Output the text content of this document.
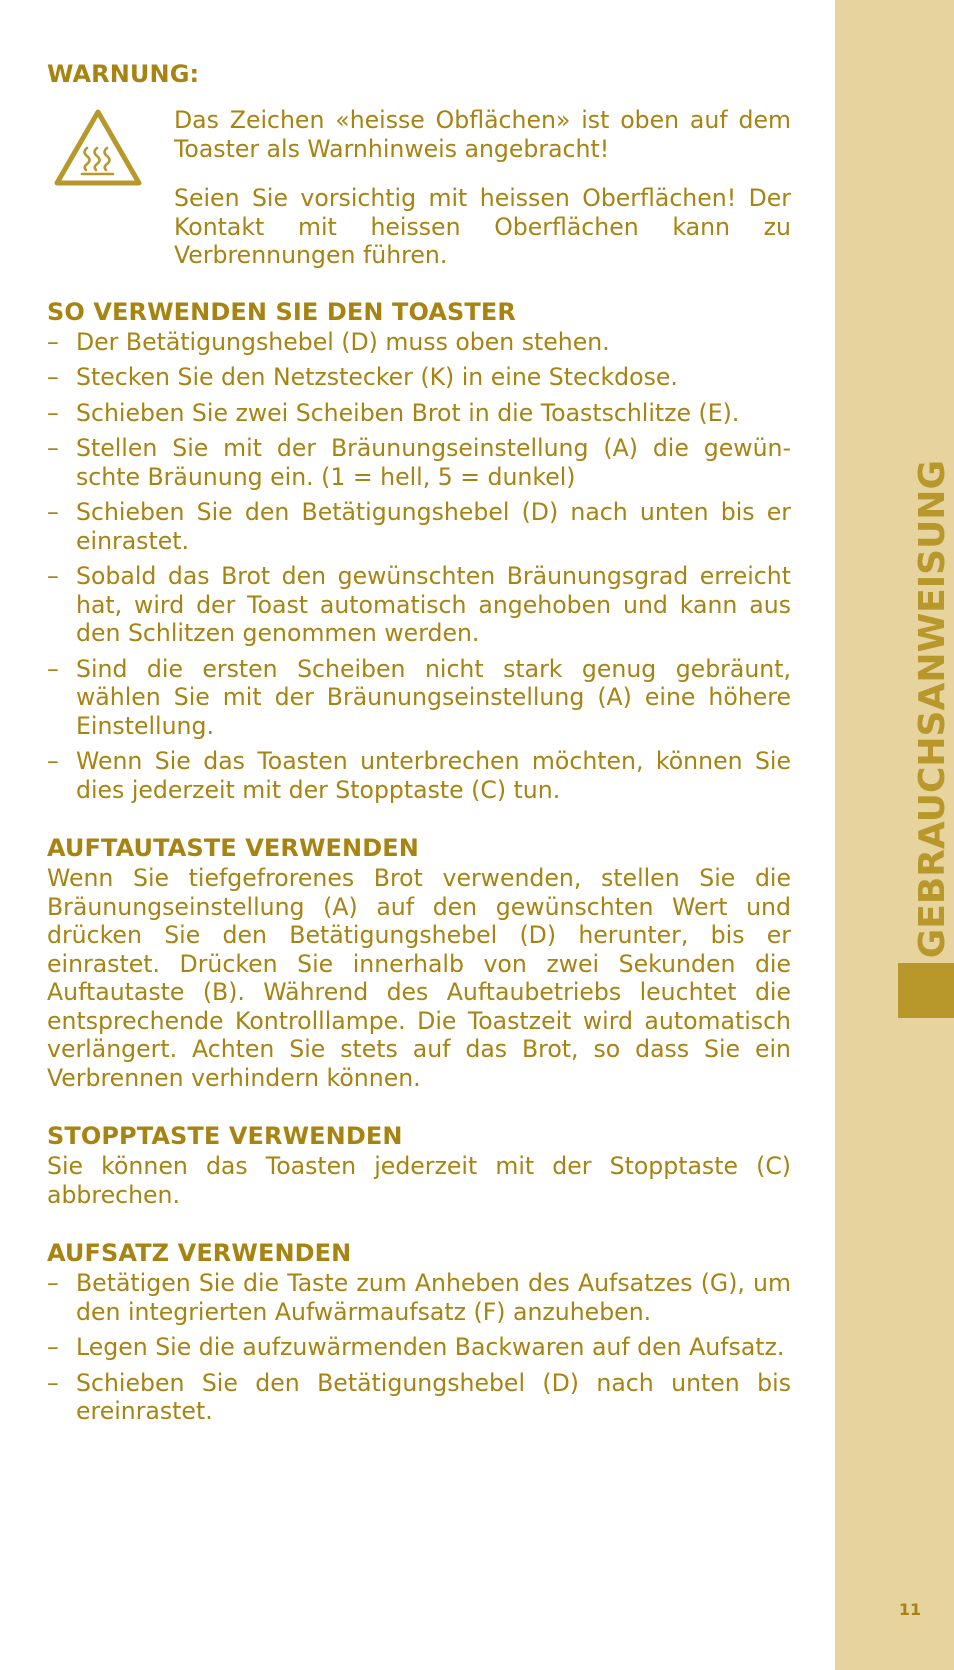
GEBRAUCHSANWEISUNG
11
WARNUNG:

Das Zeichen «heisse Obflächen» ist oben auf dem Toaster als Warnhinweis angebracht!

Seien Sie vorsichtig mit heissen Oberflächen! Der Kontakt mit heissen Oberflächen kann zu Verbrennungen führen.

SO VERWENDEN SIE DEN TOASTER
– Der Betätigungshebel (D) muss oben stehen.
– Stecken Sie den Netzstecker (K) in eine Steckdose.
– Schieben Sie zwei Scheiben Brot in die Toastschlitze (E).
– Stellen Sie mit der Bräunungseinstellung (A) die gewünschte Bräunung ein. (1 = hell, 5 = dunkel)
– Schieben Sie den Betätigungshebel (D) nach unten bis er einrastet.
– Sobald das Brot den gewünschten Bräunungsgrad erreicht hat, wird der Toast automatisch angehoben und kann aus den Schlitzen genommen werden.
– Sind die ersten Scheiben nicht stark genug gebräunt, wählen Sie mit der Bräunungseinstellung (A) eine höhere Einstellung.
– Wenn Sie das Toasten unterbrechen möchten, können Sie dies jederzeit mit der Stopptaste (C) tun.
AUFTAUTASTE VERWENDEN

Wenn Sie tiefgefrorenes Brot verwenden, stellen Sie die Bräunungseinstellung (A) auf den gewünschten Wert und drücken Sie den Betätigungshebel (D) herunter, bis er einrastet. Drücken Sie innerhalb von zwei Sekunden die Auftautaste (B). Während des Auftaubetriebs leuchtet die entsprechende Kontrolllampe. Die Toastzeit wird automatisch verlängert. Achten Sie stets auf das Brot, so dass Sie ein Verbrennen verhindern können.

STOPPTASTE VERWENDEN

Sie können das Toasten jederzeit mit der Stopptaste (C) abbrechen.

AUFSATZ VERWENDEN
– Betätigen Sie die Taste zum Anheben des Aufsatzes (G), um den integrierten Aufwärmaufsatz (F) anzuheben.
– Legen Sie die aufzuwärmenden Backwaren auf den Aufsatz.
– Schieben Sie den Betätigungshebel (D) nach unten bis ereinrastet.
